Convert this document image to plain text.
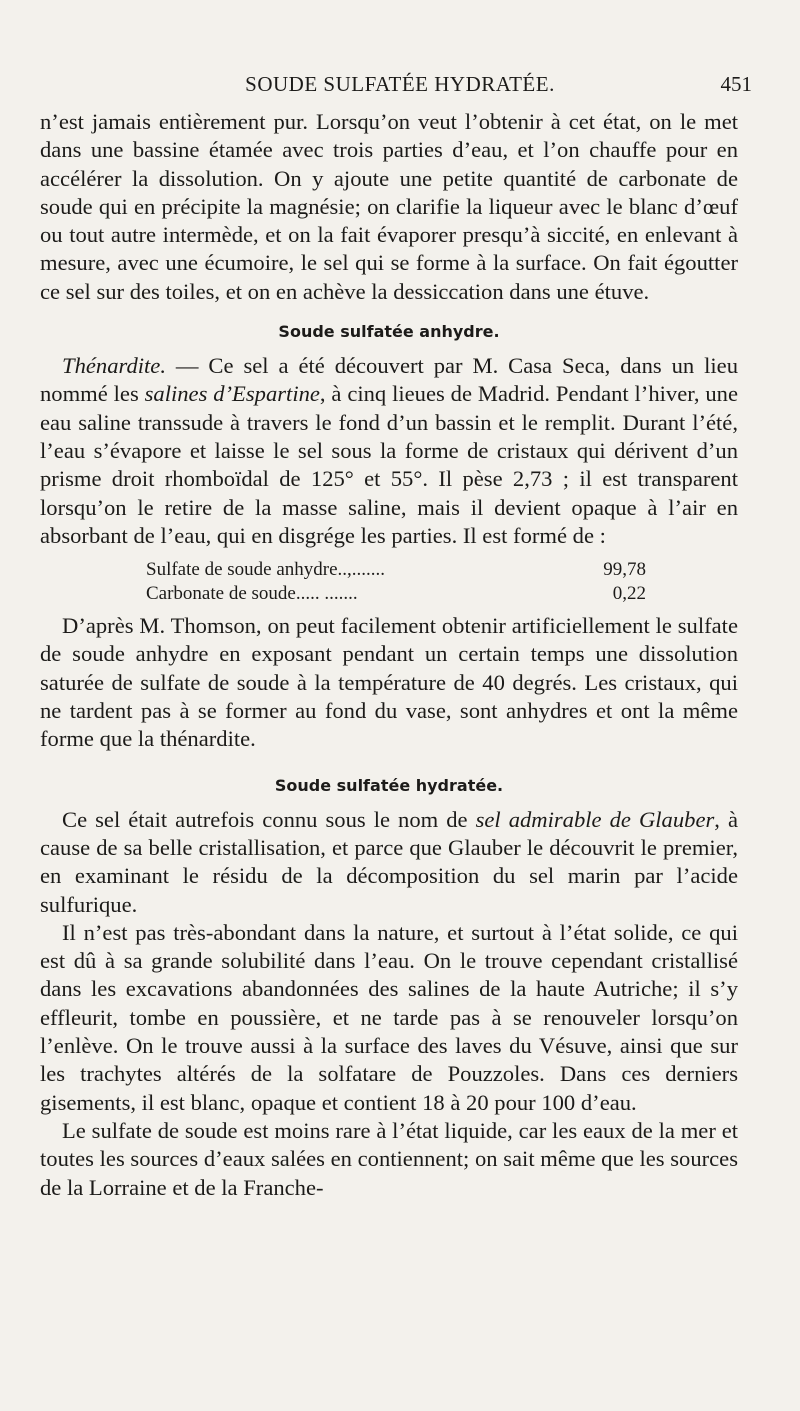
SOUDE SULFATÉE HYDRATÉE.	451

n’est jamais entièrement pur. Lorsqu’on veut l’obtenir à cet état, on le met dans une bassine étamée avec trois parties d’eau, et l’on chauffe pour en accélérer la dissolution. On y ajoute une petite quantité de carbonate de soude qui en précipite la magnésie; on clarifie la liqueur avec le blanc d’œuf ou tout autre intermède, et on la fait évaporer presqu’à siccité, en enlevant à mesure, avec une écumoire, le sel qui se forme à la surface. On fait égoutter ce sel sur des toiles, et on en achève la dessiccation dans une étuve.

Soude sulfatée anhydre.

Thénardite. — Ce sel a été découvert par M. Casa Seca, dans un lieu nommé les salines d’Espartine, à cinq lieues de Madrid. Pendant l’hiver, une eau saline transsude à travers le fond d’un bassin et le remplit. Durant l’été, l’eau s’évapore et laisse le sel sous la forme de cristaux qui dérivent d’un prisme droit rhomboïdal de 125° et 55°. Il pèse 2,73 ; il est transparent lorsqu’on le retire de la masse saline, mais il devient opaque à l’air en absorbant de l’eau, qui en disgrége les parties. Il est formé de :

Sulfate de soude anhydre..,.......	99,78
Carbonate de soude..... .......	0,22

D’après M. Thomson, on peut facilement obtenir artificiellement le sulfate de soude anhydre en exposant pendant un certain temps une dissolution saturée de sulfate de soude à la température de 40 degrés. Les cristaux, qui ne tardent pas à se former au fond du vase, sont anhydres et ont la même forme que la thénardite.

Soude sulfatée hydratée.

Ce sel était autrefois connu sous le nom de sel admirable de Glauber, à cause de sa belle cristallisation, et parce que Glauber le découvrit le premier, en examinant le résidu de la décomposition du sel marin par l’acide sulfurique.

Il n’est pas très-abondant dans la nature, et surtout à l’état solide, ce qui est dû à sa grande solubilité dans l’eau. On le trouve cependant cristallisé dans les excavations abandonnées des salines de la haute Autriche; il s’y effleurit, tombe en poussière, et ne tarde pas à se renouveler lorsqu’on l’enlève. On le trouve aussi à la surface des laves du Vésuve, ainsi que sur les trachytes altérés de la solfatare de Pouzzoles. Dans ces derniers gisements, il est blanc, opaque et contient 18 à 20 pour 100 d’eau.

Le sulfate de soude est moins rare à l’état liquide, car les eaux de la mer et toutes les sources d’eaux salées en contiennent; on sait même que les sources de la Lorraine et de la Franche-
